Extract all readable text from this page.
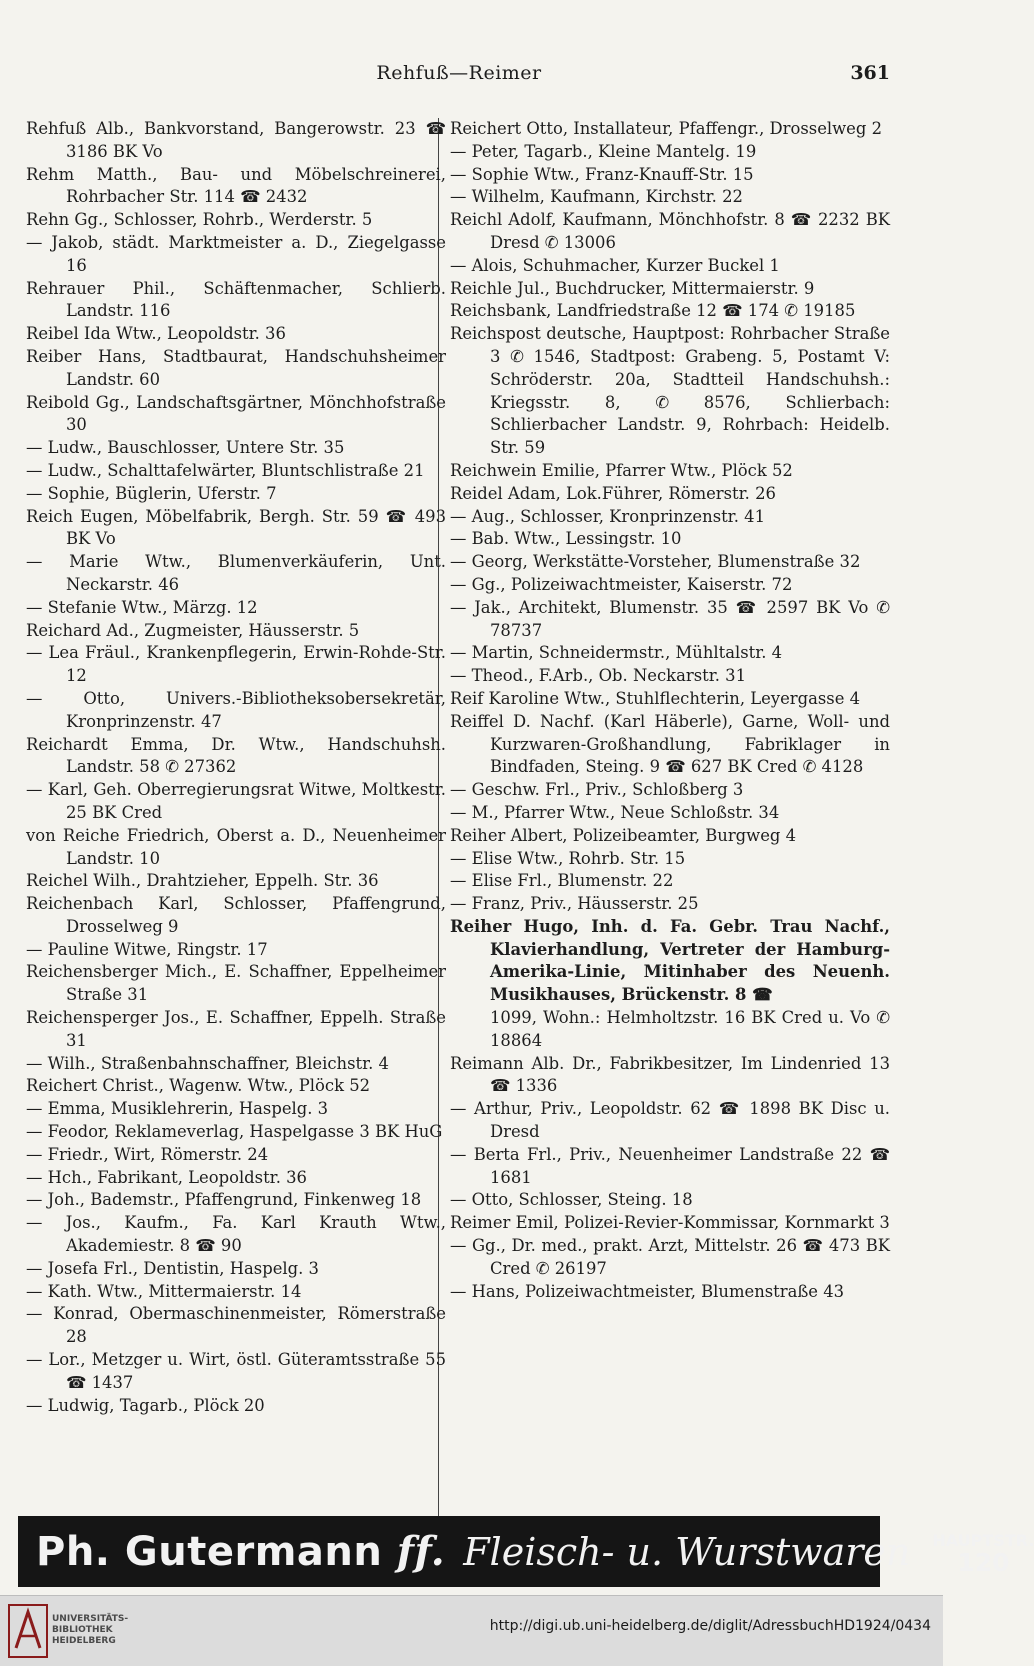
Rehfuß—Reimer	361
Rehfuß Alb., Bankvorstand, Bangerowstr. 23 ☎ 3186 BK Vo
Rehm Matth., Bau- und Möbelschreinerei, Rohrbacher Str. 114 ☎ 2432
Rehn Gg., Schlosser, Rohrb., Werderstr. 5
— Jakob, städt. Marktmeister a. D., Ziegelgasse 16
Rehrauer Phil., Schäftenmacher, Schlierb. Landstr. 116
Reibel Ida Wtw., Leopoldstr. 36
Reiber Hans, Stadtbaurat, Handschuhsheimer Landstr. 60
Reibold Gg., Landschaftsgärtner, Mönchhofstraße 30
— Ludw., Bauschlosser, Untere Str. 35
— Ludw., Schalttafelwärter, Bluntschlistraße 21
— Sophie, Büglerin, Uferstr. 7
Reich Eugen, Möbelfabrik, Bergh. Str. 59 ☎ 493 BK Vo
— Marie Wtw., Blumenverkäuferin, Unt. Neckarstr. 46
— Stefanie Wtw., Märzg. 12
Reichard Ad., Zugmeister, Häusserstr. 5
— Lea Fräul., Krankenpflegerin, Erwin-Rohde-Str. 12
— Otto, Univers.-Bibliotheksobersekretär, Kronprinzenstr. 47
Reichardt Emma, Dr. Wtw., Handschuhsh. Landstr. 58 ✆ 27362
— Karl, Geh. Oberregierungsrat Witwe, Moltkestr. 25 BK Cred
von Reiche Friedrich, Oberst a. D., Neuenheimer Landstr. 10
Reichel Wilh., Drahtzieher, Eppelh. Str. 36
Reichenbach Karl, Schlosser, Pfaffengrund, Drosselweg 9
— Pauline Witwe, Ringstr. 17
Reichensberger Mich., E. Schaffner, Eppelheimer Straße 31
Reichensperger Jos., E. Schaffner, Eppelh. Straße 31
— Wilh., Straßenbahnschaffner, Bleichstr. 4
Reichert Christ., Wagenw. Wtw., Plöck 52
— Emma, Musiklehrerin, Haspelg. 3
— Feodor, Reklameverlag, Haspelgasse 3 BK HuG
— Friedr., Wirt, Römerstr. 24
— Hch., Fabrikant, Leopoldstr. 36
— Joh., Bademstr., Pfaffengrund, Finkenweg 18
— Jos., Kaufm., Fa. Karl Krauth Wtw., Akademiestr. 8 ☎ 90
— Josefa Frl., Dentistin, Haspelg. 3
— Kath. Wtw., Mittermaierstr. 14
— Konrad, Obermaschinenmeister, Römerstraße 28
— Lor., Metzger u. Wirt, östl. Güteramtsstraße 55 ☎ 1437
— Ludwig, Tagarb., Plöck 20
Reichert Otto, Installateur, Pfaffengr., Drosselweg 2
— Peter, Tagarb., Kleine Mantelg. 19
— Sophie Wtw., Franz-Knauff-Str. 15
— Wilhelm, Kaufmann, Kirchstr. 22
Reichl Adolf, Kaufmann, Mönchhofstr. 8 ☎ 2232 BK Dresd ✆ 13006
— Alois, Schuhmacher, Kurzer Buckel 1
Reichle Jul., Buchdrucker, Mittermaierstr. 9
Reichsbank, Landfriedstraße 12 ☎ 174 ✆ 19185
Reichspost deutsche, Hauptpost: Rohrbacher Straße 3 ✆ 1546, Stadtpost: Grabeng. 5, Postamt V: Schröderstr. 20a, Stadtteil Handschuhsh.: Kriegsstr. 8, ✆ 8576, Schlierbach: Schlierbacher Landstr. 9, Rohrbach: Heidelb. Str. 59
Reichwein Emilie, Pfarrer Wtw., Plöck 52
Reidel Adam, Lok.Führer, Römerstr. 26
— Aug., Schlosser, Kronprinzenstr. 41
— Bab. Wtw., Lessingstr. 10
— Georg, Werkstätte-Vorsteher, Blumenstraße 32
— Gg., Polizeiwachtmeister, Kaiserstr. 72
— Jak., Architekt, Blumenstr. 35 ☎ 2597 BK Vo ✆ 78737
— Martin, Schneidermstr., Mühltalstr. 4
— Theod., F.Arb., Ob. Neckarstr. 31
Reif Karoline Wtw., Stuhlflechterin, Leyergasse 4
Reiffel D. Nachf. (Karl Häberle), Garne, Woll- und Kurzwaren-Großhandlung, Fabriklager in Bindfaden, Steing. 9 ☎ 627 BK Cred ✆ 4128
— Geschw. Frl., Priv., Schloßberg 3
— M., Pfarrer Wtw., Neue Schloßstr. 34
Reiher Albert, Polizeibeamter, Burgweg 4
— Elise Wtw., Rohrb. Str. 15
— Elise Frl., Blumenstr. 22
— Franz, Priv., Häusserstr. 25
Reiher Hugo, Inh. d. Fa. Gebr. Trau Nachf., Klavierhandlung, Vertreter der Hamburg-Amerika-Linie, Mitinhaber des Neuenh. Musikhauses, Brückenstr. 8 ☎
1099, Wohn.: Helmholtzstr. 16 BK Cred u. Vo ✆ 18864
Reimann Alb. Dr., Fabrikbesitzer, Im Lindenried 13 ☎ 1336
— Arthur, Priv., Leopoldstr. 62 ☎ 1898 BK Disc u. Dresd
— Berta Frl., Priv., Neuenheimer Landstraße 22 ☎ 1681
— Otto, Schlosser, Steing. 18
Reimer Emil, Polizei-Revier-Kommissar, Kornmarkt 3
— Gg., Dr. med., prakt. Arzt, Mittelstr. 26 ☎ 473 BK Cred ✆ 26197
— Hans, Polizeiwachtmeister, Blumenstraße 43
Ph. Gutermann ff. Fleisch- u. Wurstwaren HAUPTSTR.
120
UNIVERSITÄTS-
BIBLIOTHEK
HEIDELBERG
http://digi.ub.uni-heidelberg.de/diglit/AdressbuchHD1924/0434
